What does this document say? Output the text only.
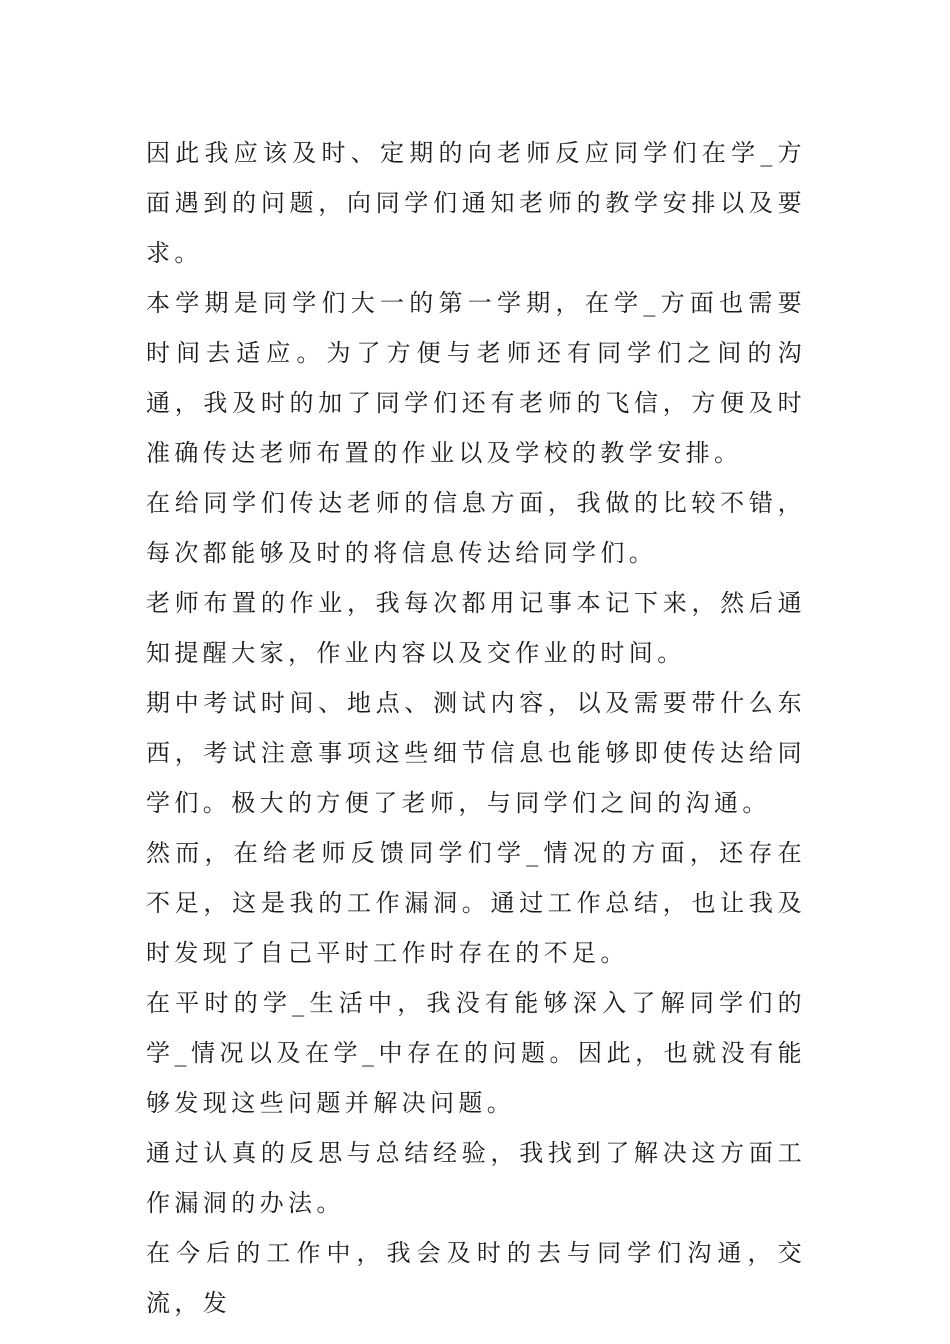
因此我应该及时、定期的向老师反应同学们在学_方面遇到的问题，向同学们通知老师的教学安排以及要求。

本学期是同学们大一的第一学期，在学_方面也需要时间去适应。为了方便与老师还有同学们之间的沟通，我及时的加了同学们还有老师的飞信，方便及时准确传达老师布置的作业以及学校的教学安排。

在给同学们传达老师的信息方面，我做的比较不错，每次都能够及时的将信息传达给同学们。

老师布置的作业，我每次都用记事本记下来，然后通知提醒大家，作业内容以及交作业的时间。

期中考试时间、地点、测试内容，以及需要带什么东西，考试注意事项这些细节信息也能够即使传达给同学们。极大的方便了老师，与同学们之间的沟通。

然而，在给老师反馈同学们学_情况的方面，还存在不足，这是我的工作漏洞。通过工作总结，也让我及时发现了自己平时工作时存在的不足。

在平时的学_生活中，我没有能够深入了解同学们的学_情况以及在学_中存在的问题。因此，也就没有能够发现这些问题并解决问题。

通过认真的反思与总结经验，我找到了解决这方面工作漏洞的办法。

在今后的工作中，我会及时的去与同学们沟通，交流，发
